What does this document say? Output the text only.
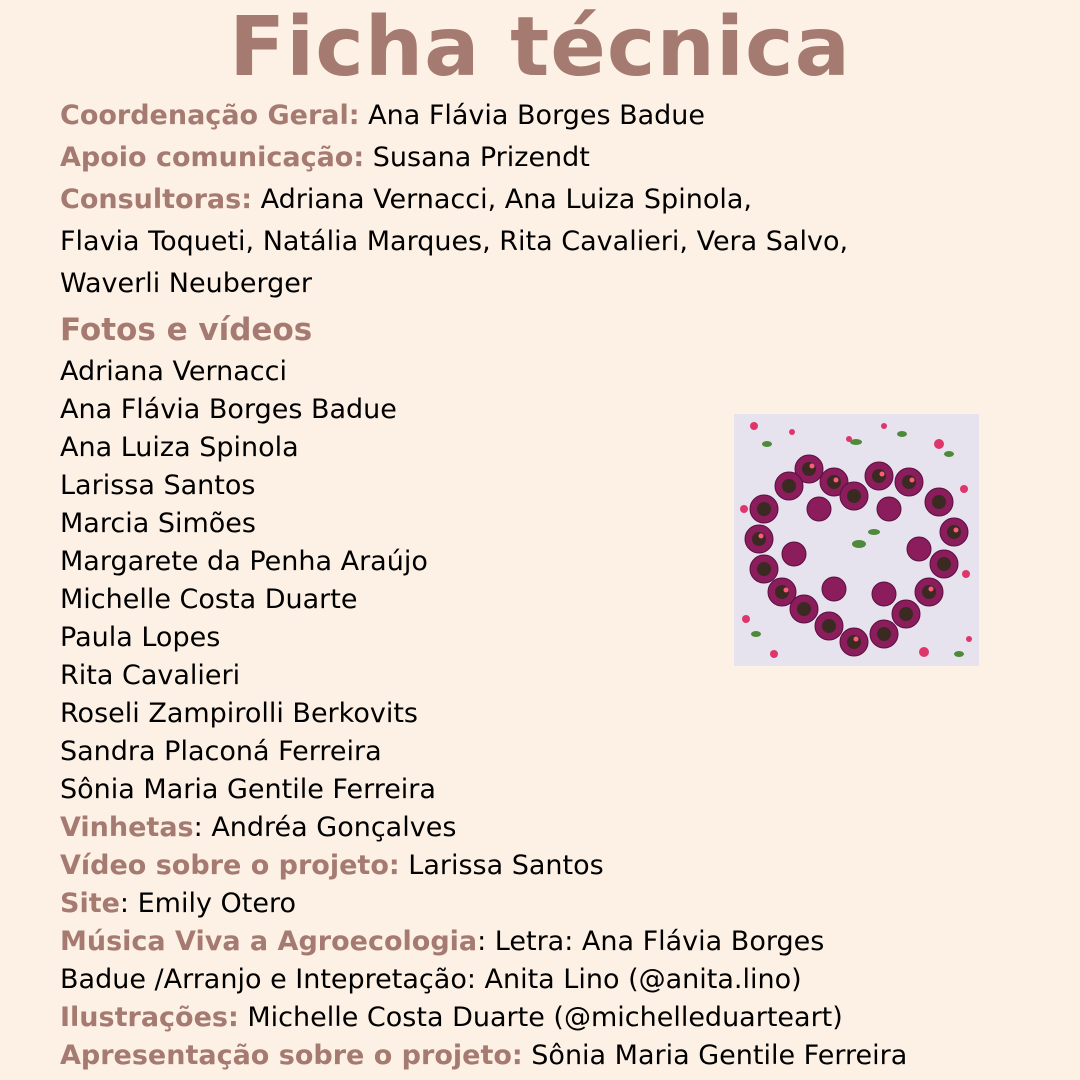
Ficha técnica
Coordenação Geral: Ana Flávia Borges Badue
Apoio comunicação: Susana Prizendt
Consultoras: Adriana Vernacci, Ana Luiza Spinola,
Flavia Toqueti, Natália Marques, Rita Cavalieri, Vera Salvo,
Waverli Neuberger
Fotos e vídeos
Adriana Vernacci
Ana Flávia Borges Badue
Ana Luiza Spinola
Larissa Santos
Marcia Simões
Margarete da Penha Araújo
Michelle Costa Duarte
Paula Lopes
Rita Cavalieri
Roseli Zampirolli Berkovits
Sandra Placoná Ferreira
Sônia Maria Gentile Ferreira
Vinhetas: Andréa Gonçalves
Vídeo sobre o projeto: Larissa Santos
Site: Emily Otero
Música Viva a Agroecologia: Letra: Ana Flávia Borges
Badue /Arranjo e Intepretação: Anita Lino (@anita.lino)
Ilustrações: Michelle Costa Duarte (@michelleduarteart)
Apresentação sobre o projeto: Sônia Maria Gentile Ferreira
